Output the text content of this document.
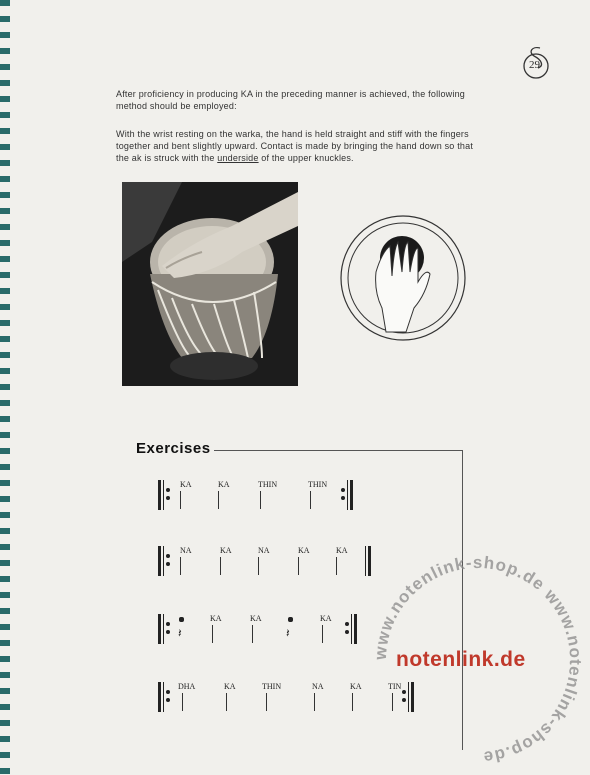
29
After proficiency in producing KA in the preceding manner is achieved, the following
method should be employed:
With the wrist resting on the warka, the hand is held straight and stiff with the fingers
together and bent slightly upward. Contact is made by bringing the hand down so that
the ak is struck with the underside of the upper knuckles.
Exercises
KA	KA	THIN	THIN
NA	KA	NA	KA	KA
𝄽
KA	KA
𝄽
KA
DHA	KA	THIN	NA	KA	TIN
www.notenlink-shop.de www.notenlink-shop.de
notenlink.de
